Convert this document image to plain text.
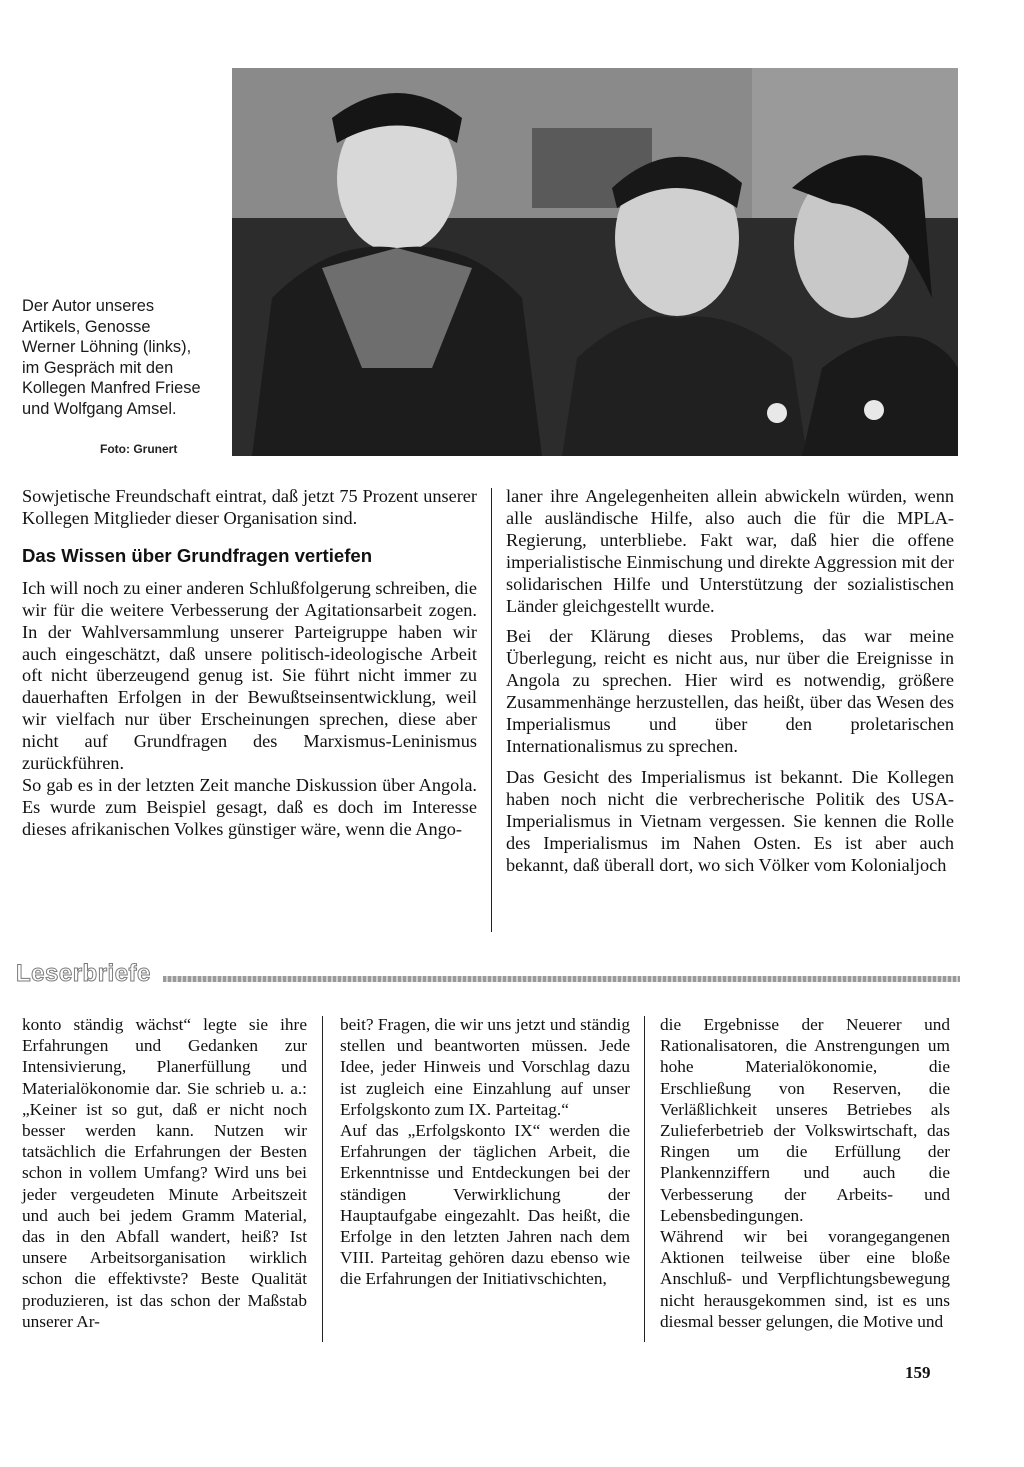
Der Autor unseres Artikels, Genosse Werner Löhning (links), im Gespräch mit den Kollegen Manfred Friese und Wolfgang Amsel.
Foto: Grunert

Sowjetische Freundschaft eintrat, daß jetzt 75 Prozent unserer Kollegen Mitglieder dieser Organisation sind.

Das Wissen über Grundfragen vertiefen

Ich will noch zu einer anderen Schlußfolgerung schreiben, die wir für die weitere Verbesserung der Agitationsarbeit zogen. In der Wahlversammlung unserer Parteigruppe haben wir auch eingeschätzt, daß unsere politisch-ideologische Arbeit oft nicht überzeugend genug ist. Sie führt nicht immer zu dauerhaften Erfolgen in der Bewußtseinsentwicklung, weil wir vielfach nur über Erscheinungen sprechen, diese aber nicht auf Grundfragen des Marxismus-Leninismus zurückführen.

So gab es in der letzten Zeit manche Diskussion über Angola. Es wurde zum Beispiel gesagt, daß es doch im Interesse dieses afrikanischen Volkes günstiger wäre, wenn die Ango-

laner ihre Angelegenheiten allein abwickeln würden, wenn alle ausländische Hilfe, also auch die für die MPLA-Regierung, unterbliebe. Fakt war, daß hier die offene imperialistische Einmischung und direkte Aggression mit der solidarischen Hilfe und Unterstützung der sozialistischen Länder gleichgestellt wurde.

Bei der Klärung dieses Problems, das war meine Überlegung, reicht es nicht aus, nur über die Ereignisse in Angola zu sprechen. Hier wird es notwendig, größere Zusammenhänge herzustellen, das heißt, über das Wesen des Imperialismus und über den proletarischen Internationalismus zu sprechen.

Das Gesicht des Imperialismus ist bekannt. Die Kollegen haben noch nicht die verbrecherische Politik des USA-Imperialismus in Vietnam vergessen. Sie kennen die Rolle des Imperialismus im Nahen Osten. Es ist aber auch bekannt, daß überall dort, wo sich Völker vom Kolonialjoch

Leserbriefe

konto ständig wächst“ legte sie ihre Erfahrungen und Gedanken zur Intensivierung, Planerfüllung und Materialökonomie dar. Sie schrieb u. a.: „Keiner ist so gut, daß er nicht noch besser werden kann. Nutzen wir tatsächlich die Erfahrungen der Besten schon in vollem Umfang? Wird uns bei jeder vergeudeten Minute Arbeitszeit und auch bei jedem Gramm Material, das in den Abfall wandert, heiß? Ist unsere Arbeitsorganisation wirklich schon die effektivste? Beste Qualität produzieren, ist das schon der Maßstab unserer Ar-

beit? Fragen, die wir uns jetzt und ständig stellen und beantworten müssen. Jede Idee, jeder Hinweis und Vorschlag dazu ist zugleich eine Einzahlung auf unser Erfolgskonto zum IX. Parteitag.“

Auf das „Erfolgskonto IX“ werden die Erfahrungen der täglichen Arbeit, die Erkenntnisse und Entdeckungen bei der ständigen Verwirklichung der Hauptaufgabe eingezahlt. Das heißt, die Erfolge in den letzten Jahren nach dem VIII. Parteitag gehören dazu ebenso wie die Erfahrungen der Initiativschichten,

die Ergebnisse der Neuerer und Rationalisatoren, die Anstrengungen um hohe Materialökonomie, die Erschließung von Reserven, die Verläßlichkeit unseres Betriebes als Zulieferbetrieb der Volkswirtschaft, das Ringen um die Erfüllung der Plankennziffern und auch die Verbesserung der Arbeits- und Lebensbedingungen.

Während wir bei vorangegangenen Aktionen teilweise über eine bloße Anschluß- und Verpflichtungsbewegung nicht herausgekommen sind, ist es uns diesmal besser gelungen, die Motive und

159
